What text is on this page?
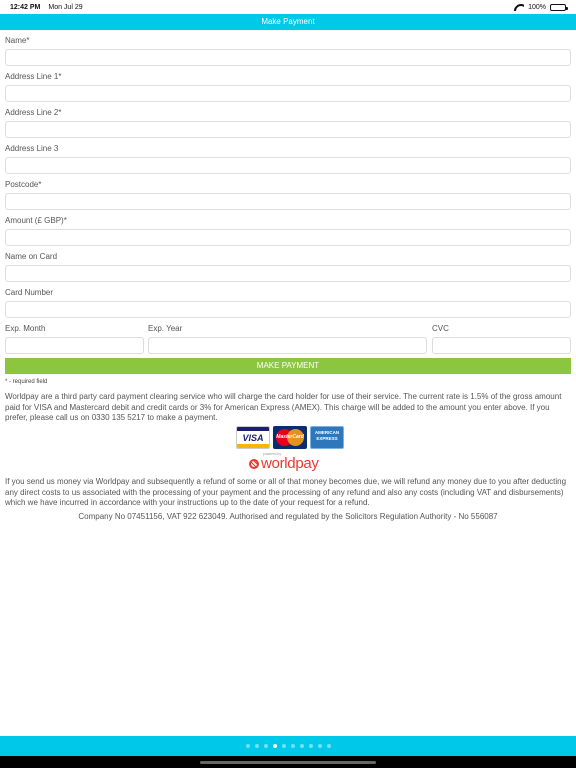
12:42 PM Mon Jul 29	100%
Make Payment
Name*
Address Line 1*
Address Line 2*
Address Line 3
Postcode*
Amount (£ GBP)*
Name on Card
Card Number
Exp. Month	Exp. Year	CVC
MAKE PAYMENT
* - required field
Worldpay are a third party card payment clearing service who will charge the card holder for use of their service. The current rate is 1.5% of the gross amount paid for VISA and Mastercard debit and credit cards or 3% for American Express (AMEX). This charge will be added to the amount you enter above. If you prefer, please call us on 0330 135 5217 to make a payment.
VISA	MasterCard
AMERICAN EXPRESS
powered by
worldpay
If you send us money via Worldpay and subsequently a refund of some or all of that money becomes due, we will refund any money due to you after deducting any direct costs to us associated with the processing of your payment and the processing of any refund and also any costs (including VAT and disbursements) which we have incurred in accordance with your instructions up to the date of your request for a refund.
Company No 07451156, VAT 922 623049. Authorised and regulated by the Solicitors Regulation Authority - No 556087
